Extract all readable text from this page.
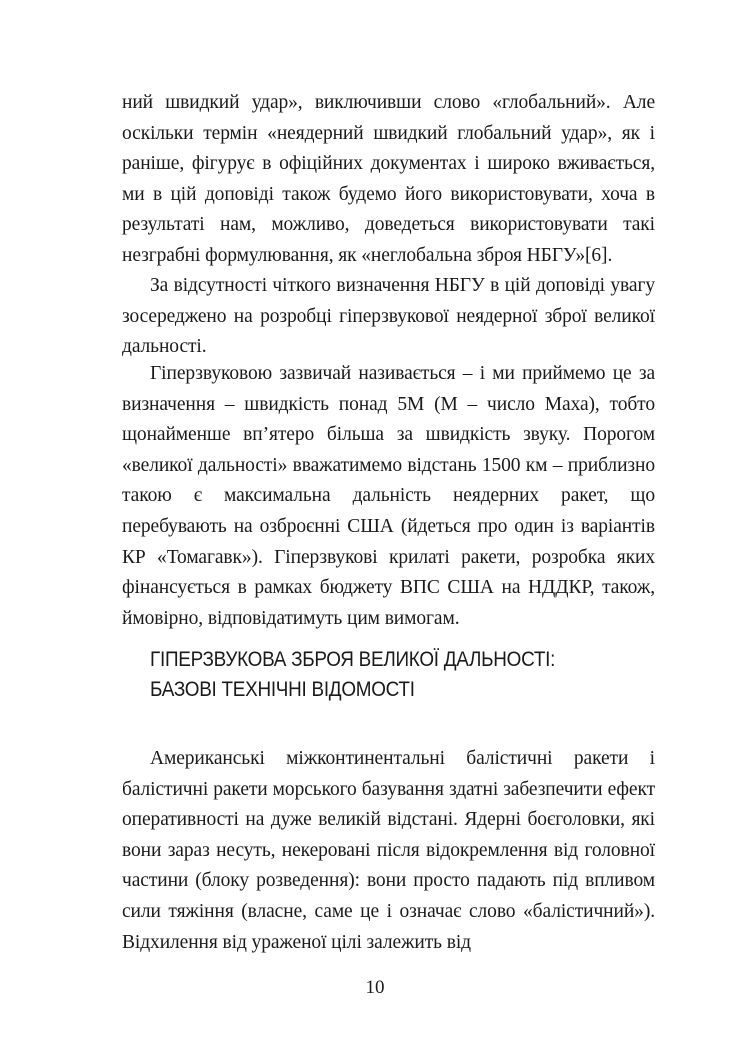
ний швидкий удар», виключивши слово «глобальний». Але оскільки термін «неядерний швидкий глобальний удар», як і раніше, фігурує в офіційних документах і широко вживається, ми в цій доповіді також будемо його використовувати, хоча в результаті нам, можливо, доведеться використовувати такі незграбні формулювання, як «неглобальна зброя НБГУ»[6].

За відсутності чіткого визначення НБГУ в цій доповіді увагу зосереджено на розробці гіперзвукової неядерної зброї великої дальності.

Гіперзвуковою зазвичай називається – і ми приймемо це за визначення – швидкість понад 5М (М – число Маха), тобто щонайменше вп’ятеро більша за швидкість звуку. Порогом «великої дальності» вважатимемо відстань 1500 км – приблизно такою є максимальна дальність неядерних ракет, що перебувають на озброєнні США (йдеться про один із варіантів КР «Томагавк»). Гіперзвукові крилаті ракети, розробка яких фінансується в рамках бюджету ВПС США на НДДКР, також, ймовірно, відповідатимуть цим вимогам.

ГІПЕРЗВУКОВА ЗБРОЯ ВЕЛИКОЇ ДАЛЬНОСТІ:
БАЗОВІ ТЕХНІЧНІ ВІДОМОСТІ

Американські міжконтинентальні балістичні ракети і балістичні ракети морського базування здатні забезпечити ефект оперативності на дуже великій відстані. Ядерні боєголовки, які вони зараз несуть, некеровані після відокремлення від головної частини (блоку розведення): вони просто падають під впливом сили тяжіння (власне, саме це і означає слово «балістичний»). Відхилення від ураженої цілі залежить від

10
